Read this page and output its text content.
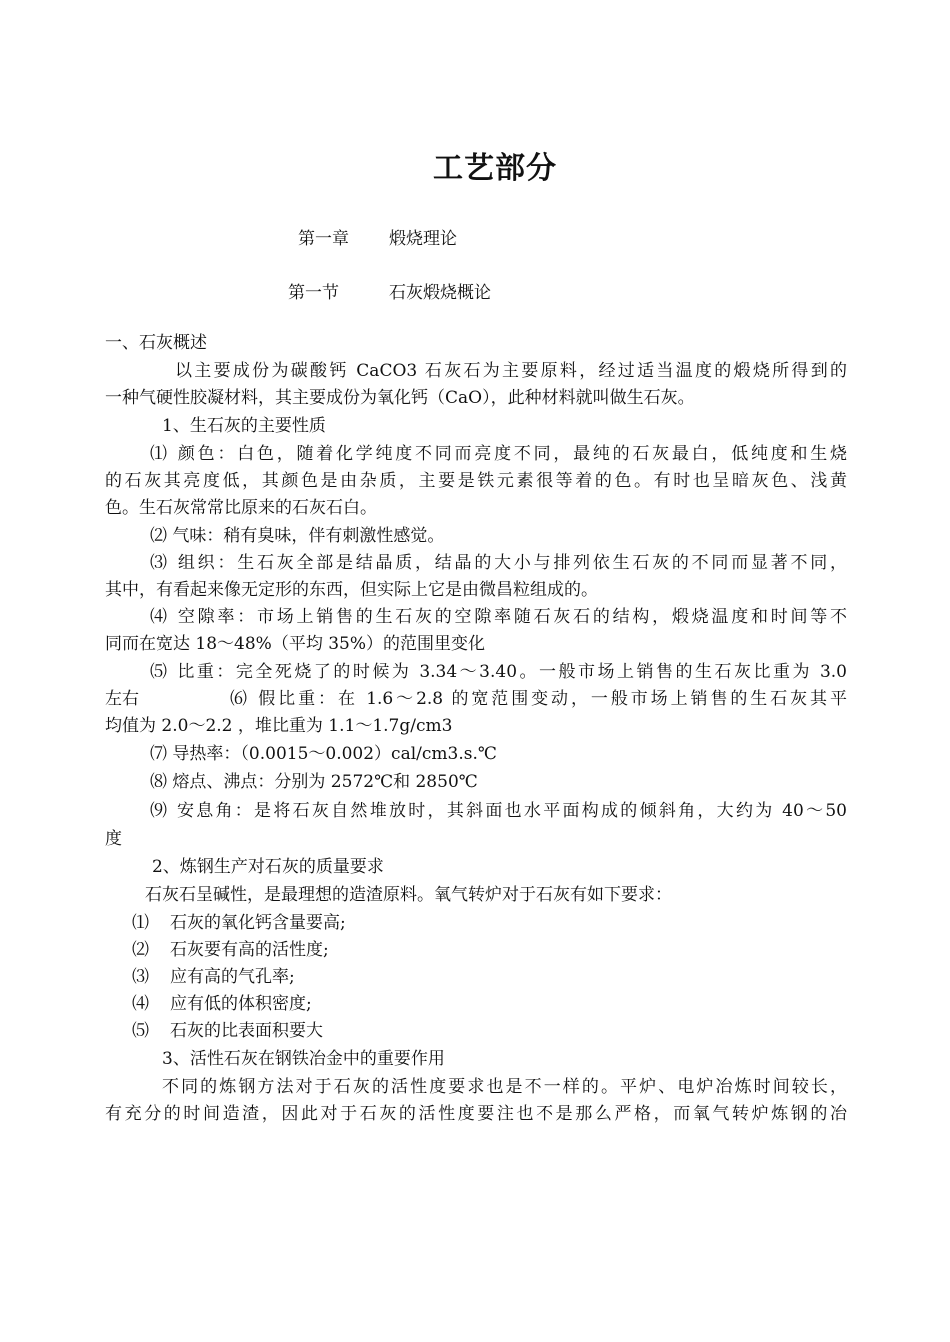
工艺部分
第一章 煅烧理论
第一节	石灰煅烧概论
一、石灰概述
以主要成份为碳酸钙 CaCO3 石灰石为主要原料，经过适当温度的煅烧所得到的
一种气硬性胶凝材料，其主要成份为氧化钙（CaO），此种材料就叫做生石灰。
1、生石灰的主要性质
⑴ 颜色：白色，随着化学纯度不同而亮度不同，最纯的石灰最白，低纯度和生烧
的石灰其亮度低，其颜色是由杂质，主要是铁元素很等着的色。有时也呈暗灰色、浅黄
色。生石灰常常比原来的石灰石白。
⑵ 气味：稍有臭味，伴有刺激性感觉。
⑶ 组织：生石灰全部是结晶质，结晶的大小与排列依生石灰的不同而显著不同，
其中，有看起来像无定形的东西，但实际上它是由微昌粒组成的。
⑷ 空隙率：市场上销售的生石灰的空隙率随石灰石的结构，煅烧温度和时间等不
同而在宽达 18～48%（平均 35%）的范围里变化
⑸ 比重：完全死烧了的时候为 3.34～3.40。一般市场上销售的生石灰比重为 3.0
左右	⑹ 假比重：在 1.6～2.8 的宽范围变动，一般市场上销售的生石灰其平
均值为 2.0～2.2 ，堆比重为 1.1～1.7g/cm3
⑺ 导热率：（0.0015～0.002）cal/cm3.s.℃
⑻ 熔点、沸点：分别为 2572℃和 2850℃
⑼ 安息角：是将石灰自然堆放时，其斜面也水平面构成的倾斜角，大约为 40～50
度
2、炼钢生产对石灰的质量要求
石灰石呈碱性，是最理想的造渣原料。氧气转炉对于石灰有如下要求：
⑴ 石灰的氧化钙含量要高;
⑵ 石灰要有高的活性度;
⑶ 应有高的气孔率;
⑷ 应有低的体积密度;
⑸ 石灰的比表面积要大
3、活性石灰在钢铁冶金中的重要作用
不同的炼钢方法对于石灰的活性度要求也是不一样的。平炉、电炉冶炼时间较长，
有充分的时间造渣，因此对于石灰的活性度要注也不是那么严格，而氧气转炉炼钢的冶
